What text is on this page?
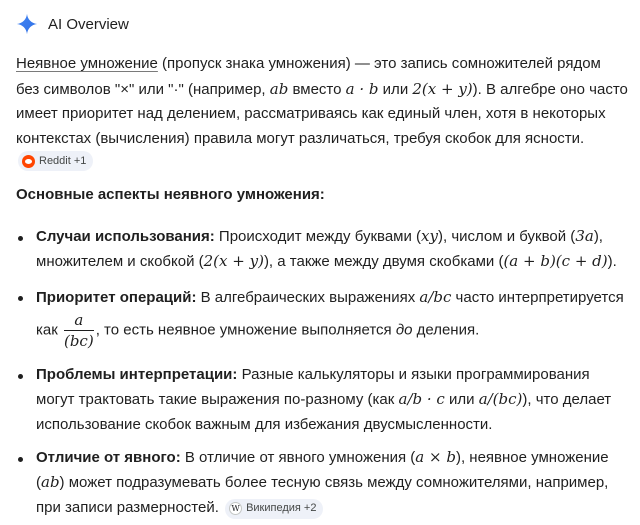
AI Overview
Неявное умножение (пропуск знака умножения) — это запись сомножителей рядом без символов "×" или "·" (например, ab вместо a · b или 2(x + y)). В алгебре оно часто имеет приоритет над делением, рассматриваясь как единый член, хотя в некоторых контекстах (вычисления) правила могут различаться, требуя скобок для ясности.
Reddit +1
Основные аспекты неявного умножения:
Случаи использования: Происходит между буквами (xy), числом и буквой (3a), множителем и скобкой (2(x + y)), а также между двумя скобками ((a + b)(c + d)).
Приоритет операций: В алгебраических выражениях a/bc часто интерпретируется как $\frac{a}{(bc)}$ , то есть неявное умножение выполняется до деления.
Проблемы интерпретации: Разные калькуляторы и языки программирования могут трактовать такие выражения по-разному (как a/b · c или a/(bc)), что делает использование скобок важным для избежания двусмысленности.
Отличие от явного: В отличие от явного умножения (a × b), неявное умножение (ab) может подразумевать более тесную связь между сомножителями, например, при записи размерностей. W Википедия +2
